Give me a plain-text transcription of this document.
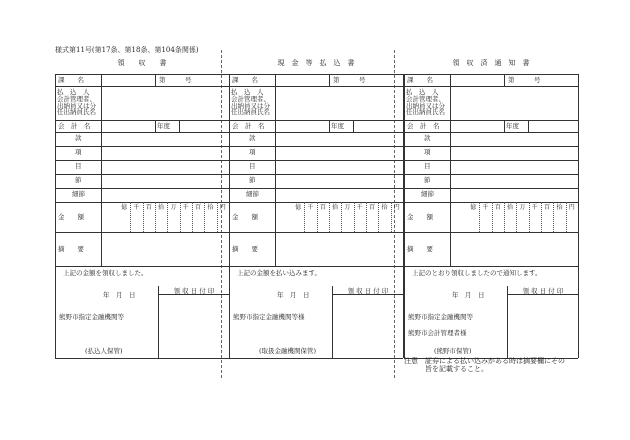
様式第11号(第17条、第18条、第104条関係)
領　　収　　書
課　　名	第　　　号
払　込　人
会計管理者、
出納員又は分
任出納員氏名
会　計　名	年度
款
項
目
節
細節
金　　額
摘　　要
億	千	百	拾	万	千	百	拾	円
上記の金額を領収しました。
年　月　日	領 収 日 付 印
熊野市指定金融機関等
(払込人保管)
現　金　等　払　込　書
課　　名	第　　　号
払　込　人
会計管理者、
出納員又は分
任出納員氏名
会　計　名	年度
款
項
目
節
細節
金　　額
摘　　要
億	千	百	拾	万	千	百	拾	円
上記の金額を払い込みます。
年　月　日	領 収 日 付 印
熊野市指定金融機関等様
(取扱金融機関保管)
領　収　済　通　知　書
課　　名	第　　　号
払　込　人
会計管理者、
出納員又は分
任出納員氏名
会　計　名	年度
款
項
目
節
細節
金　　額
摘　　要
億	千	百	拾	万	千	百	拾	円
上記のとおり領収しましたので通知します。
年　月　日	領 収 日 付 印
熊野市指定金融機関等
熊野市会計管理者様
(熊野市保管)
注意　証券による払い込みがある時は摘要欄にその
　　　旨を記載すること。
